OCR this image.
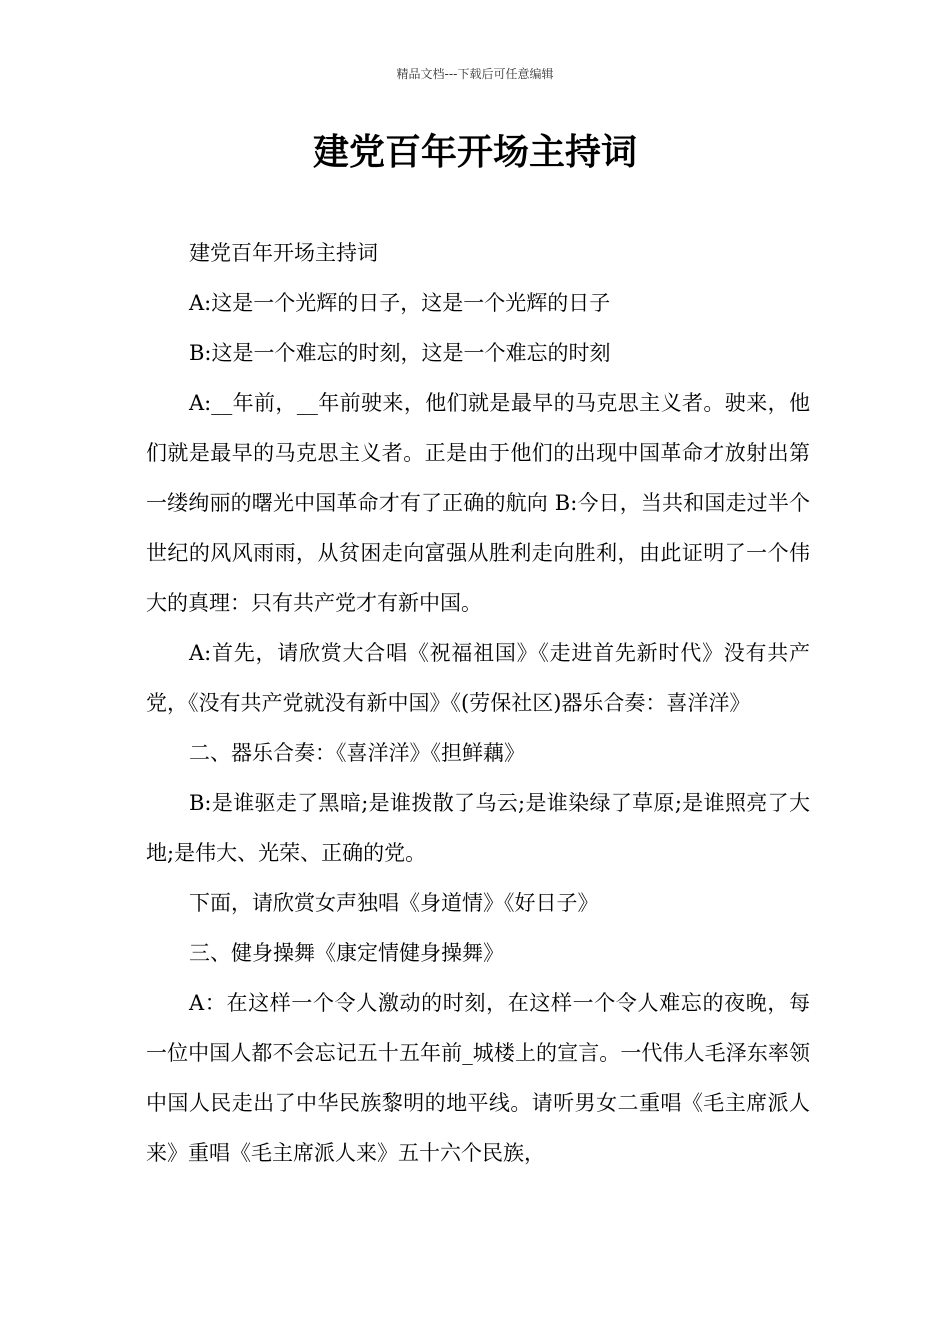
精品文档---下载后可任意编辑
建党百年开场主持词

建党百年开场主持词

A:这是一个光辉的日子，这是一个光辉的日子

B:这是一个难忘的时刻，这是一个难忘的时刻

A:__年前，__年前驶来，他们就是最早的马克思主义者。驶来，他们就是最早的马克思主义者。正是由于他们的出现中国革命才放射出第一缕绚丽的曙光中国革命才有了正确的航向 B:今日，当共和国走过半个世纪的风风雨雨，从贫困走向富强从胜利走向胜利，由此证明了一个伟大的真理：只有共产党才有新中国。

A:首先，请欣赏大合唱《祝福祖国》《走进首先新时代》没有共产党，《没有共产党就没有新中国》《(劳保社区)器乐合奏：喜洋洋》

二、器乐合奏：《喜洋洋》《担鲜藕》

B:是谁驱走了黑暗;是谁拨散了乌云;是谁染绿了草原;是谁照亮了大地;是伟大、光荣、正确的党。

下面，请欣赏女声独唱《身道情》《好日子》

三、健身操舞《康定情健身操舞》

A：在这样一个令人激动的时刻，在这样一个令人难忘的夜晚，每一位中国人都不会忘记五十五年前_城楼上的宣言。一代伟人毛泽东率领中国人民走出了中华民族黎明的地平线。请听男女二重唱《毛主席派人来》重唱《毛主席派人来》五十六个民族，
